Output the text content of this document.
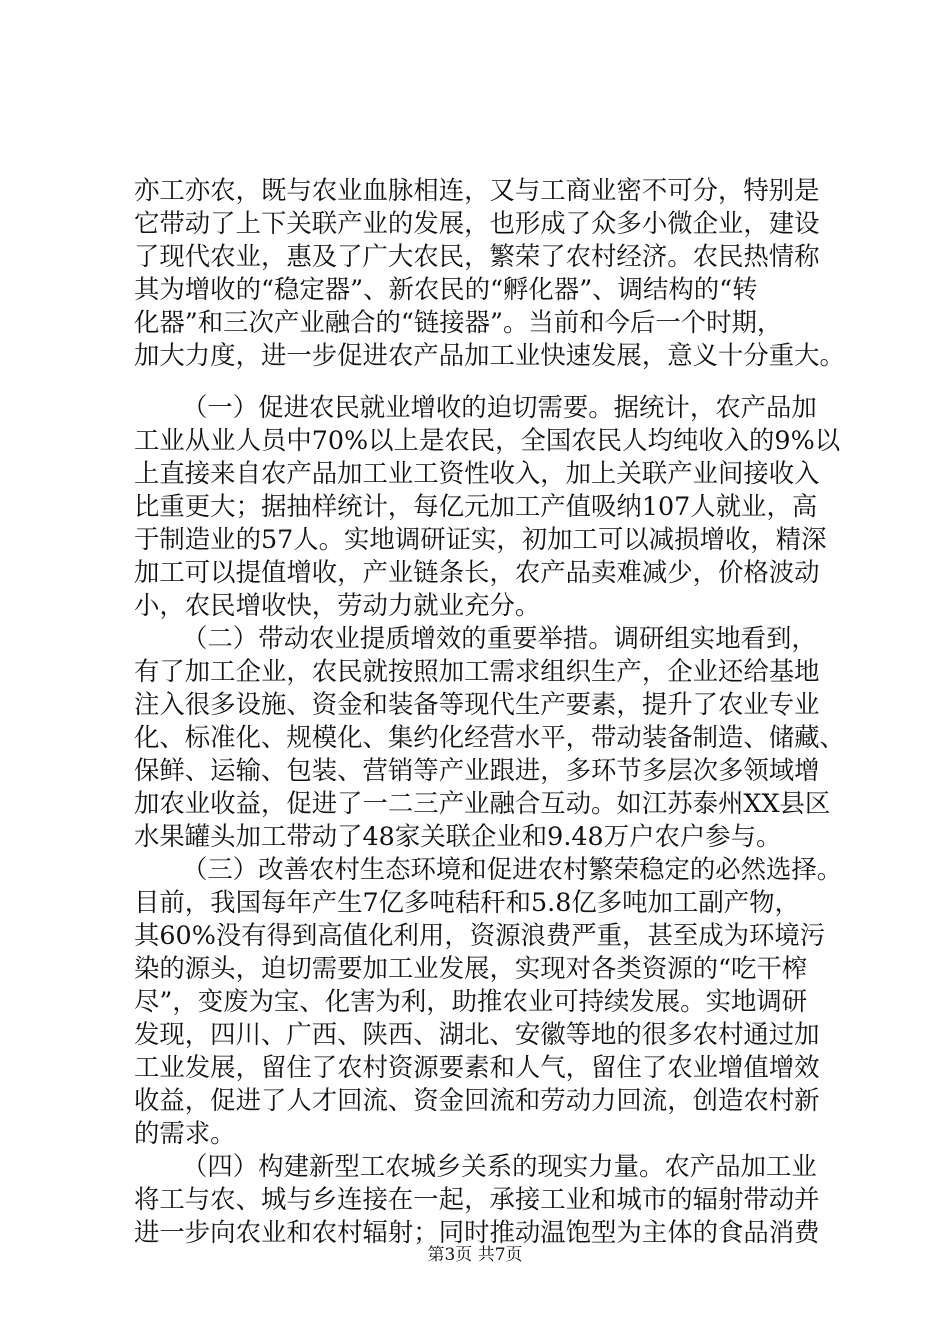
亦工亦农，既与农业血脉相连，又与工商业密不可分，特别是
它带动了上下关联产业的发展，也形成了众多小微企业，建设
了现代农业，惠及了广大农民，繁荣了农村经济。农民热情称
其为增收的“稳定器”、新农民的“孵化器”、调结构的“转
化器”和三次产业融合的“链接器”。当前和今后一个时期，
加大力度，进一步促进农产品加工业快速发展，意义十分重大。
（一）促进农民就业增收的迫切需要。据统计，农产品加
工业从业人员中70%以上是农民，全国农民人均纯收入的9%以
上直接来自农产品加工业工资性收入，加上关联产业间接收入
比重更大；据抽样统计，每亿元加工产值吸纳107人就业，高
于制造业的57人。实地调研证实，初加工可以减损增收，精深
加工可以提值增收，产业链条长，农产品卖难减少，价格波动
小，农民增收快，劳动力就业充分。
（二）带动农业提质增效的重要举措。调研组实地看到，
有了加工企业，农民就按照加工需求组织生产，企业还给基地
注入很多设施、资金和装备等现代生产要素，提升了农业专业
化、标准化、规模化、集约化经营水平，带动装备制造、储藏、
保鲜、运输、包装、营销等产业跟进，多环节多层次多领域增
加农业收益，促进了一二三产业融合互动。如江苏泰州XX县区
水果罐头加工带动了48家关联企业和9.48万户农户参与。
（三）改善农村生态环境和促进农村繁荣稳定的必然选择。
目前，我国每年产生7亿多吨秸秆和5.8亿多吨加工副产物，
其60%没有得到高值化利用，资源浪费严重，甚至成为环境污
染的源头，迫切需要加工业发展，实现对各类资源的“吃干榨
尽”，变废为宝、化害为利，助推农业可持续发展。实地调研
发现，四川、广西、陕西、湖北、安徽等地的很多农村通过加
工业发展，留住了农村资源要素和人气，留住了农业增值增效
收益，促进了人才回流、资金回流和劳动力回流，创造农村新
的需求。
（四）构建新型工农城乡关系的现实力量。农产品加工业
将工与农、城与乡连接在一起，承接工业和城市的辐射带动并
进一步向农业和农村辐射；同时推动温饱型为主体的食品消费
第3页 共7页
